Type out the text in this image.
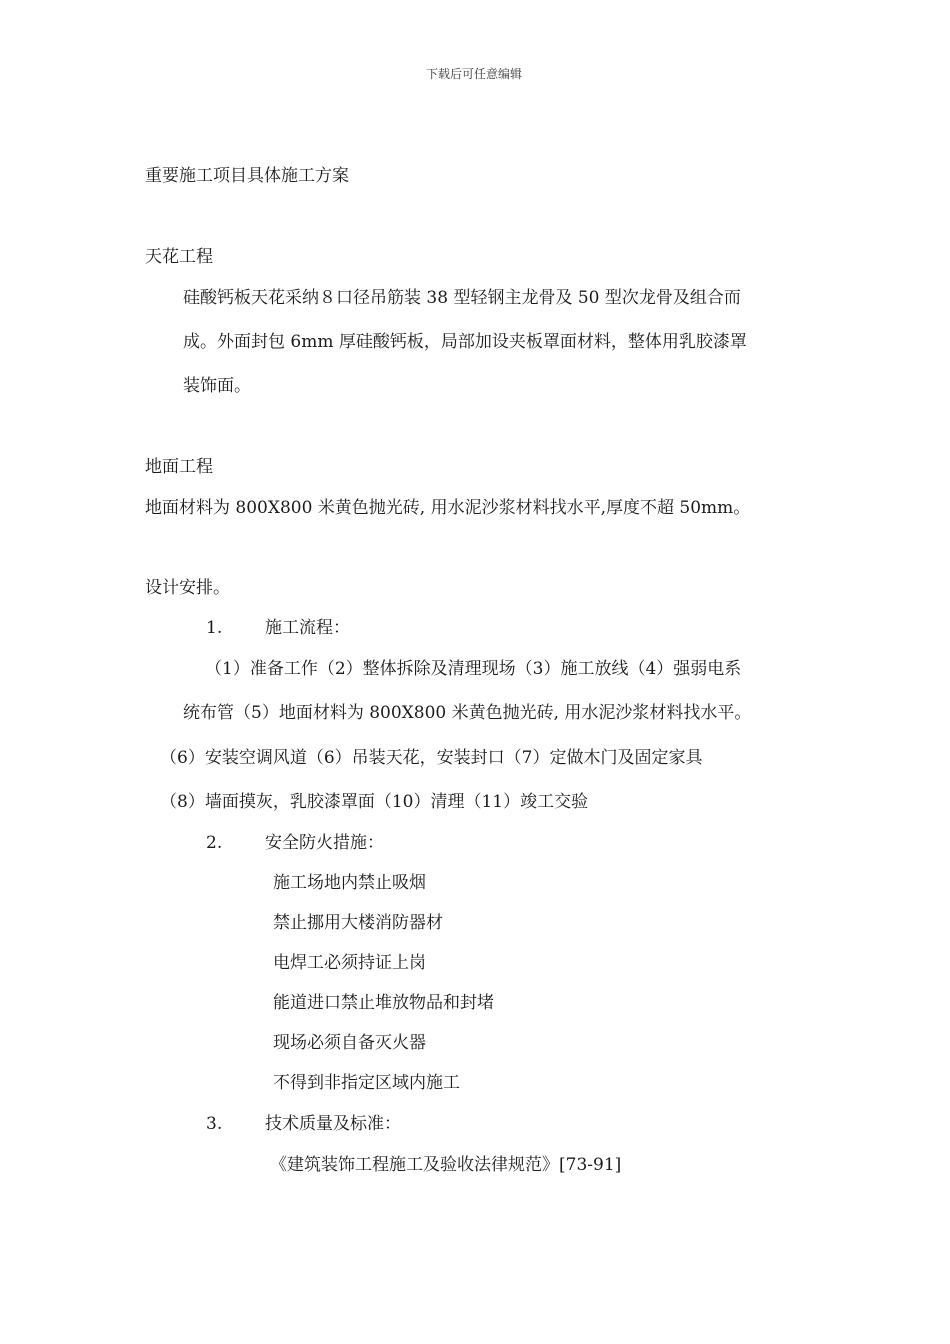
下载后可任意编辑
重要施工项目具体施工方案
天花工程
硅酸钙板天花采纳８口径吊筋装 38 型轻钢主龙骨及 50 型次龙骨及组合而
成。外面封包 6mm 厚硅酸钙板，局部加设夹板罩面材料，整体用乳胶漆罩
装饰面。
地面工程
地面材料为 800X800 米黄色抛光砖, 用水泥沙浆材料找水平,厚度不超 50mm。
设计安排。
1.	施工流程：
（1）准备工作（2）整体拆除及清理现场（3）施工放线（4）强弱电系
统布管（5）地面材料为 800X800 米黄色抛光砖, 用水泥沙浆材料找水平。
（6）安装空调风道（6）吊装天花，安装封口（7）定做木门及固定家具
（8）墙面摸灰，乳胶漆罩面（10）清理（11）竣工交验
2.	安全防火措施：
施工场地内禁止吸烟
禁止挪用大楼消防器材
电焊工必须持证上岗
能道进口禁止堆放物品和封堵
现场必须自备灭火器
不得到非指定区域内施工
3.	技术质量及标准：
《建筑装饰工程施工及验收法律规范》[73-91]
